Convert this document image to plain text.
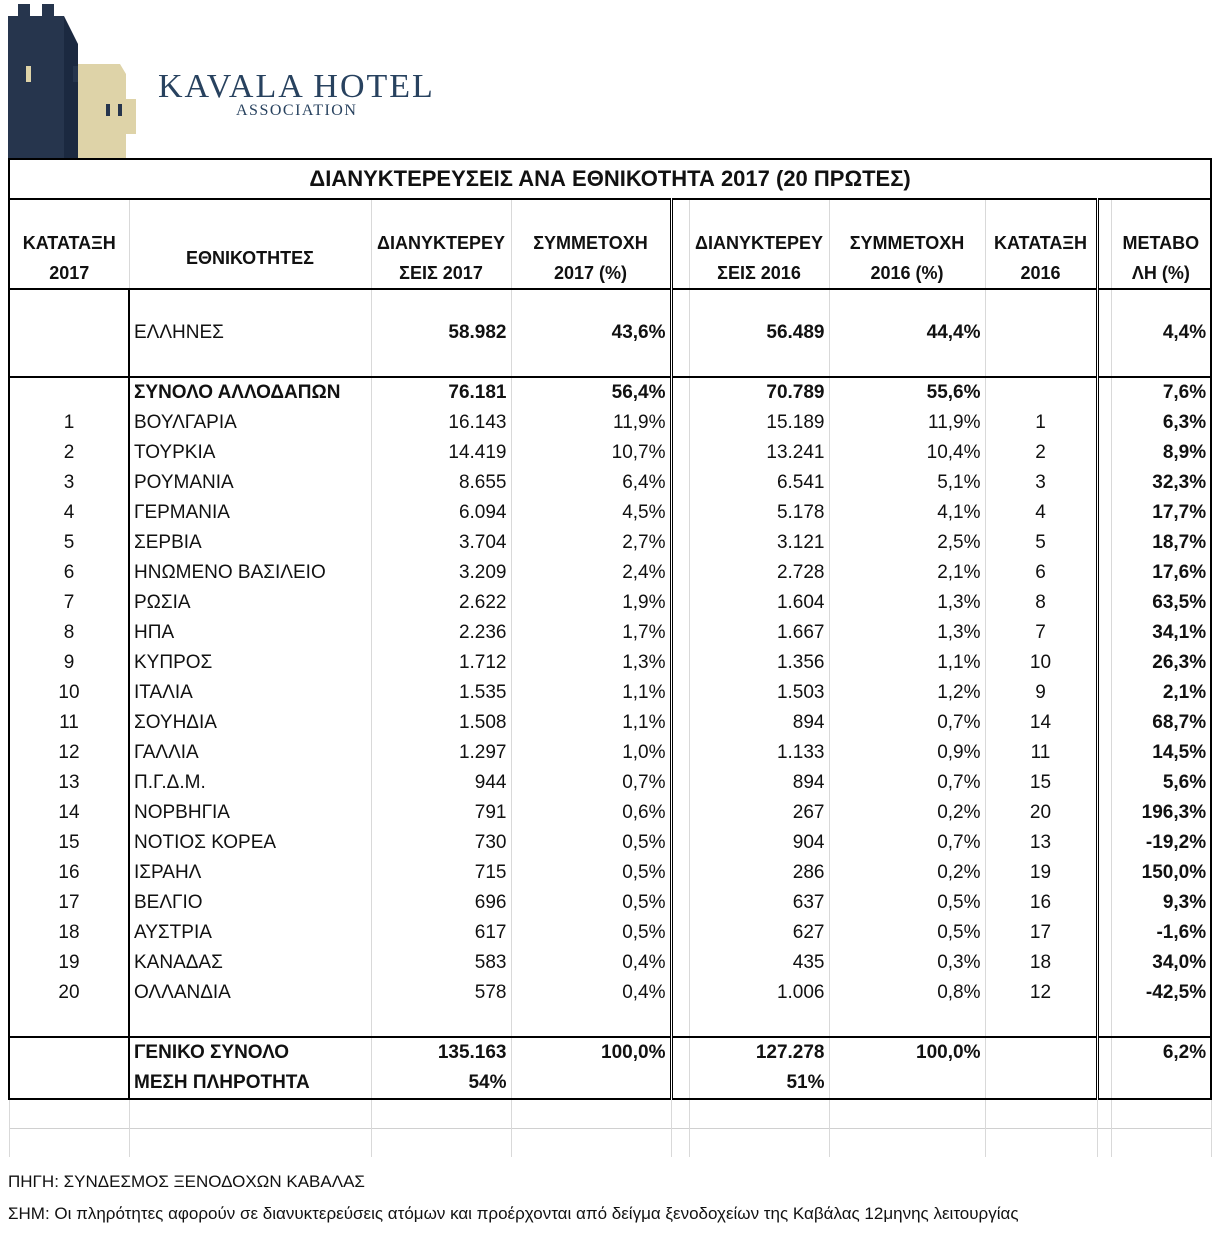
KAVALA HOTEL
ASSOCIATION
ΔΙΑΝΥΚΤΕΡΕΥΣΕΙΣ ΑΝΑ ΕΘΝΙΚΟΤΗΤΑ 2017 (20 ΠΡΩΤΕΣ)									

ΚΑΤΑΤΑΞΗ 2017	ΕΘΝΙΚΟΤΗΤΕΣ	ΔΙΑΝΥΚΤΕΡΕΥ ΣΕΙΣ 2017	ΣΥΜΜΕΤΟΧΗ 2017 (%)		ΔΙΑΝΥΚΤΕΡΕΥ ΣΕΙΣ 2016	ΣΥΜΜΕΤΟΧΗ 2016 (%)	ΚΑΤΑΤΑΞΗ 2016		ΜΕΤΑΒΟ ΛΗ (%)

	ΕΛΛΗΝΕΣ	58.982	43,6%		56.489	44,4%			4,4%

	ΣΥΝΟΛΟ ΑΛΛΟΔΑΠΩΝ	76.181	56,4%		70.789	55,6%			7,6%
1	ΒΟΥΛΓΑΡΙΑ	16.143	11,9%		15.189	11,9%	1		6,3%
2	ΤΟΥΡΚΙΑ	14.419	10,7%		13.241	10,4%	2		8,9%
3	ΡΟΥΜΑΝΙΑ	8.655	6,4%		6.541	5,1%	3		32,3%
4	ΓΕΡΜΑΝΙΑ	6.094	4,5%		5.178	4,1%	4		17,7%
5	ΣΕΡΒΙΑ	3.704	2,7%		3.121	2,5%	5		18,7%
6	ΗΝΩΜΕΝΟ ΒΑΣΙΛΕΙΟ	3.209	2,4%		2.728	2,1%	6		17,6%
7	ΡΩΣΙΑ	2.622	1,9%		1.604	1,3%	8		63,5%
8	ΗΠΑ	2.236	1,7%		1.667	1,3%	7		34,1%
9	ΚΥΠΡΟΣ	1.712	1,3%		1.356	1,1%	10		26,3%
10	ΙΤΑΛΙΑ	1.535	1,1%		1.503	1,2%	9		2,1%
11	ΣΟΥΗΔΙΑ	1.508	1,1%		894	0,7%	14		68,7%
12	ΓΑΛΛΙΑ	1.297	1,0%		1.133	0,9%	11		14,5%
13	Π.Γ.Δ.Μ.	944	0,7%		894	0,7%	15		5,6%
14	ΝΟΡΒΗΓΙΑ	791	0,6%		267	0,2%	20		196,3%
15	ΝΟΤΙΟΣ ΚΟΡΕΑ	730	0,5%		904	0,7%	13		-19,2%
16	ΙΣΡΑΗΛ	715	0,5%		286	0,2%	19		150,0%
17	ΒΕΛΓΙΟ	696	0,5%		637	0,5%	16		9,3%
18	ΑΥΣΤΡΙΑ	617	0,5%		627	0,5%	17		-1,6%
19	ΚΑΝΑΔΑΣ	583	0,4%		435	0,3%	18		34,0%
20	ΟΛΛΑΝΔΙΑ	578	0,4%		1.006	0,8%	12		-42,5%

	ΓΕΝΙΚΟ ΣΥΝΟΛΟ	135.163	100,0%		127.278	100,0%			6,2%
	ΜΕΣΗ ΠΛΗΡΟΤΗΤΑ	54%			51%				

ΠΗΓΗ: ΣΥΝΔΕΣΜΟΣ ΞΕΝΟΔΟΧΩΝ ΚΑΒΑΛΑΣ
ΣΗΜ: Οι πληρότητες αφορούν σε διανυκτερεύσεις ατόμων και προέρχονται από δείγμα ξενοδοχείων της Καβάλας 12μηνης λειτουργίας
